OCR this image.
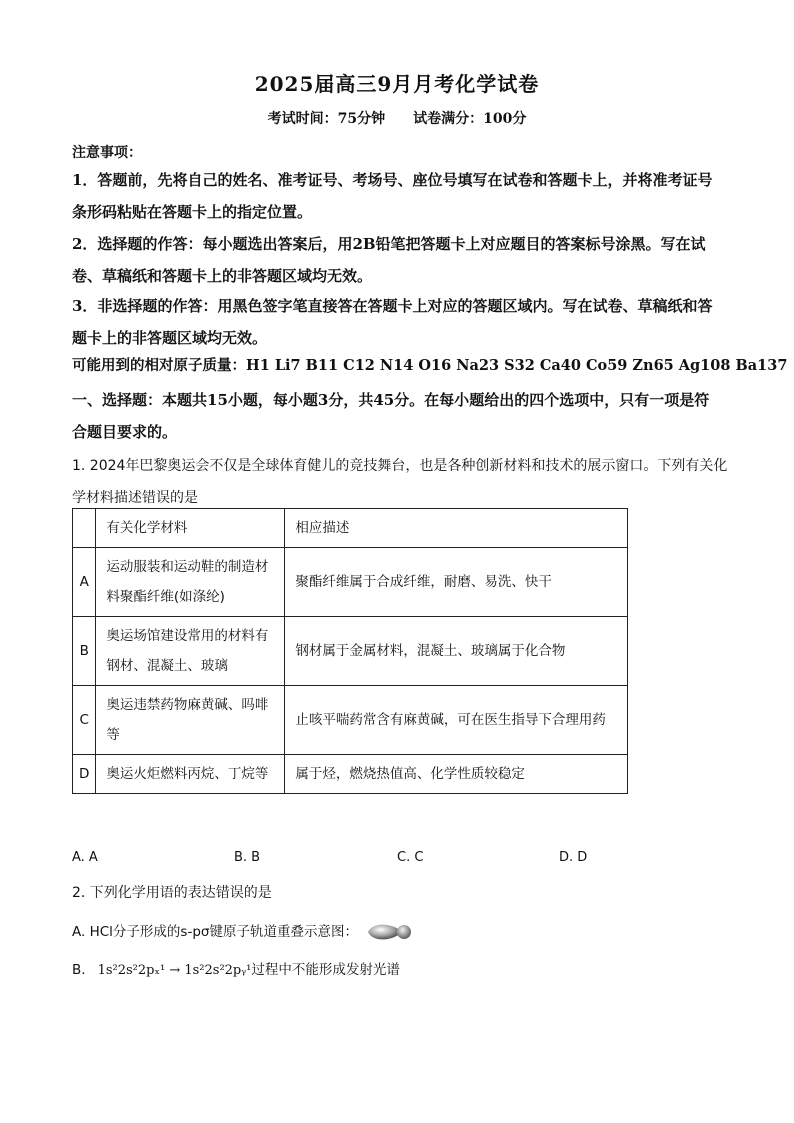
2025届高三9月月考化学试卷
考试时间：75分钟 试卷满分：100分
注意事项：
1．答题前，先将自己的姓名、准考证号、考场号、座位号填写在试卷和答题卡上，并将准考证号条形码粘贴在答题卡上的指定位置。
2．选择题的作答：每小题选出答案后，用2B铅笔把答题卡上对应题目的答案标号涂黑。写在试卷、草稿纸和答题卡上的非答题区域均无效。
3．非选择题的作答：用黑色签字笔直接答在答题卡上对应的答题区域内。写在试卷、草稿纸和答题卡上的非答题区域均无效。
可能用到的相对原子质量：H1 Li7 B11 C12 N14 O16 Na23 S32 Ca40 Co59 Zn65 Ag108 Ba137
一、选择题：本题共15小题，每小题3分，共45分。在每小题给出的四个选项中，只有一项是符合题目要求的。
1. 2024年巴黎奥运会不仅是全球体育健儿的竞技舞台，也是各种创新材料和技术的展示窗口。下列有关化学材料描述错误的是
	有关化学材料	相应描述
A	运动服装和运动鞋的制造材料聚酯纤维(如涤纶)	聚酯纤维属于合成纤维，耐磨、易洗、快干
B	奥运场馆建设常用的材料有钢材、混凝土、玻璃	钢材属于金属材料，混凝土、玻璃属于化合物
C	奥运违禁药物麻黄碱、吗啡等	止咳平喘药常含有麻黄碱，可在医生指导下合理用药
D	奥运火炬燃料丙烷、丁烷等	属于烃，燃烧热值高、化学性质较稳定
A. A	B. B	C. C	D. D
2. 下列化学用语的表达错误的是
A. HCl分子形成的s-pσ键原子轨道重叠示意图：
B. 1s²2s²2pₓ¹ → 1s²2s²2pᵧ¹过程中不能形成发射光谱
